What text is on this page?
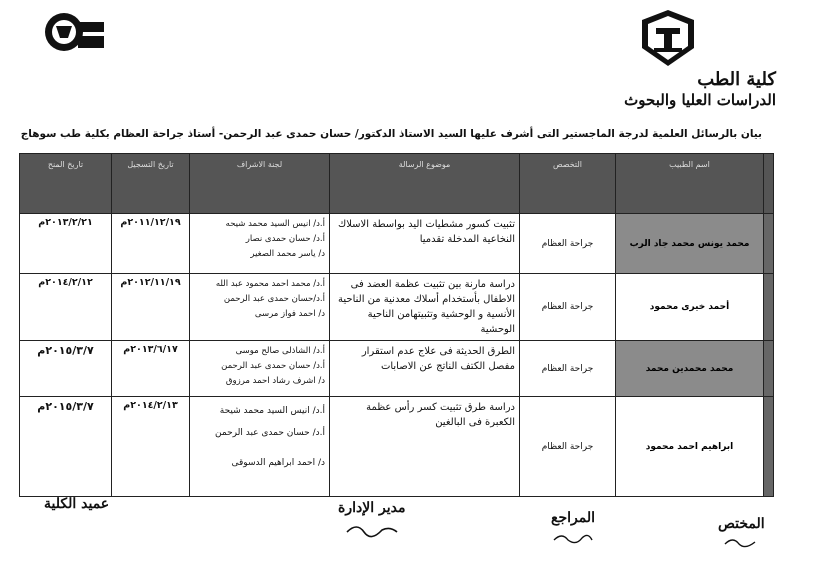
كلية الطب
الدراسات العليا والبحوث
بيان بالرسائل العلمية لدرجة الماجستير التى أشرف عليها السيد الاستاذ الدكتور/ حسان حمدى عبد الرحمن- أستاذ جراحة العظام بكلية طب سوهاج
	اسم الطبيب	التخصص	موضوع الرسالة	لجنة الاشراف	تاريخ التسجيل	تاريخ المنح
	محمد يونس محمد جاد الرب	جراحة العظام	تثبيت كسور مشطيات اليد بواسطة الاسلاك النخاعية المدخلة تقدميا	أ.د/ انيس السيد محمد شيحه
أ.د/ حسان حمدى نصار
د/ ياسر محمد الصغير	٢٠١١/١٢/١٩م	٢٠١٣/٢/٢١م
	أحمد خيرى محمود	جراحة العظام	دراسة مارنة بين تثبيت عظمة العضد فى الاطفال بأستخدام أسلاك معدنية من الناحية الأنسية و الوحشية وتثبيتهامن الناحية الوحشية	أ.د/ محمد احمد محمود عبد الله
أ.د/حسان حمدى عبد الرحمن
د/ احمد فواز مرسى	٢٠١٢/١١/١٩م	٢٠١٤/٢/١٢م
	محمد محمدين محمد	جراحة العظام	الطرق الحديثة فى علاج عدم استقرار مفصل الكتف الناتج عن الاصابات	أ.د/ الشاذلى صالح موسى
أ.د/ حسان حمدى عبد الرحمن
د/ اشرف رشاد احمد مرزوق	٢٠١٣/٦/١٧م	٢٠١٥/٣/٧م
	ابراهيم احمد محمود	جراحة العظام	دراسة طرق تثبيت كسر رأس عظمة الكعبرة فى البالغين	أ.د/ انيس السيد محمد شيحة
أ.د/ حسان حمدى عبد الرحمن
د/ احمد ابراهيم الدسوقى	٢٠١٤/٢/١٣م	٢٠١٥/٣/٧م
عميد الكلية	مدير الإدارة
المراجع	المختص
